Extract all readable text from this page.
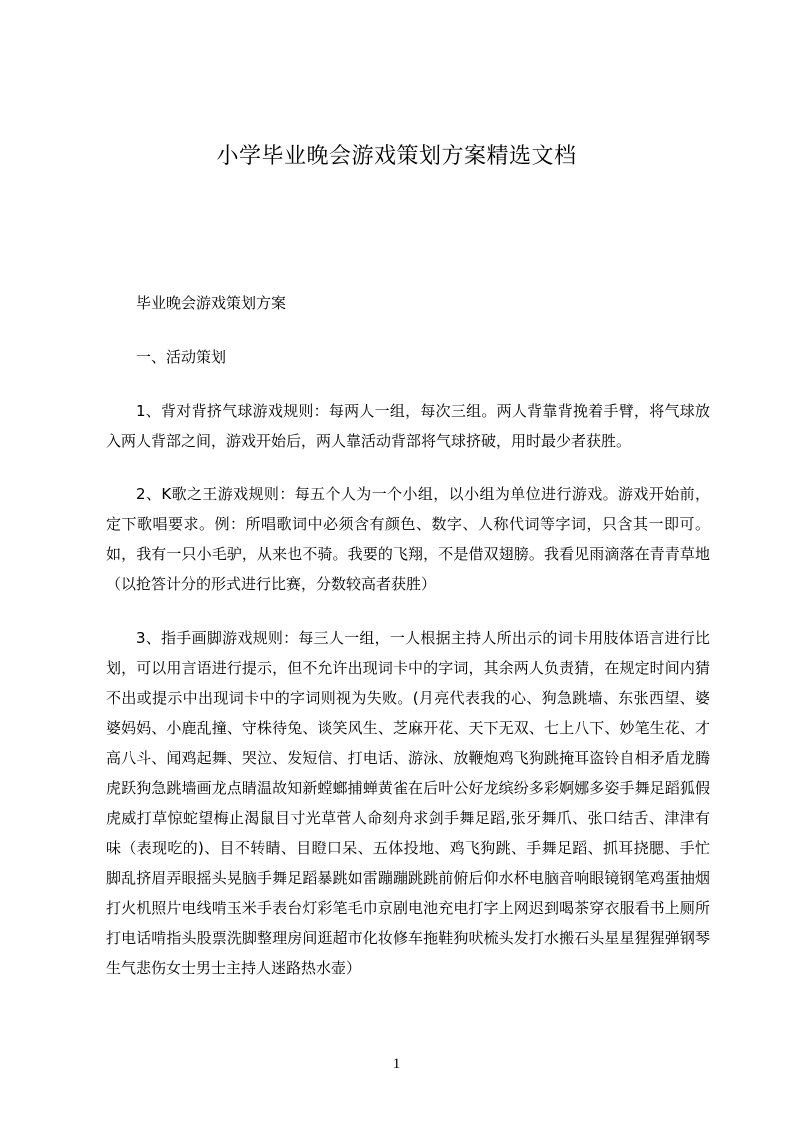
小学毕业晚会游戏策划方案精选文档

毕业晚会游戏策划方案

一、活动策划

1、背对背挤气球游戏规则：每两人一组，每次三组。两人背靠背挽着手臂，将气球放入两人背部之间，游戏开始后，两人靠活动背部将气球挤破，用时最少者获胜。

2、K歌之王游戏规则：每五个人为一个小组，以小组为单位进行游戏。游戏开始前，定下歌唱要求。例：所唱歌词中必须含有颜色、数字、人称代词等字词，只含其一即可。如，我有一只小毛驴，从来也不骑。我要的飞翔，不是借双翅膀。我看见雨滴落在青青草地（以抢答计分的形式进行比赛，分数较高者获胜）

3、指手画脚游戏规则：每三人一组，一人根据主持人所出示的词卡用肢体语言进行比划，可以用言语进行提示，但不允许出现词卡中的字词，其余两人负责猜，在规定时间内猜不出或提示中出现词卡中的字词则视为失败。(月亮代表我的心、狗急跳墙、东张西望、婆婆妈妈、小鹿乱撞、守株待兔、谈笑风生、芝麻开花、天下无双、七上八下、妙笔生花、才高八斗、闻鸡起舞、哭泣、发短信、打电话、游泳、放鞭炮鸡飞狗跳掩耳盗铃自相矛盾龙腾虎跃狗急跳墙画龙点睛温故知新螳螂捕蝉黄雀在后叶公好龙缤纷多彩婀娜多姿手舞足蹈狐假虎威打草惊蛇望梅止渴鼠目寸光草菅人命刻舟求剑手舞足蹈,张牙舞爪、张口结舌、津津有味（表现吃的)、目不转睛、目瞪口呆、五体投地、鸡飞狗跳、手舞足蹈、抓耳挠腮、手忙脚乱挤眉弄眼摇头晃脑手舞足蹈暴跳如雷蹦蹦跳跳前俯后仰水杯电脑音响眼镜钢笔鸡蛋抽烟打火机照片电线啃玉米手表台灯彩笔毛巾京剧电池充电打字上网迟到喝茶穿衣服看书上厕所打电话啃指头股票洗脚整理房间逛超市化妆修车拖鞋狗吠梳头发打水搬石头星星猩猩弹钢琴生气悲伤女士男士主持人迷路热水壶）

1
